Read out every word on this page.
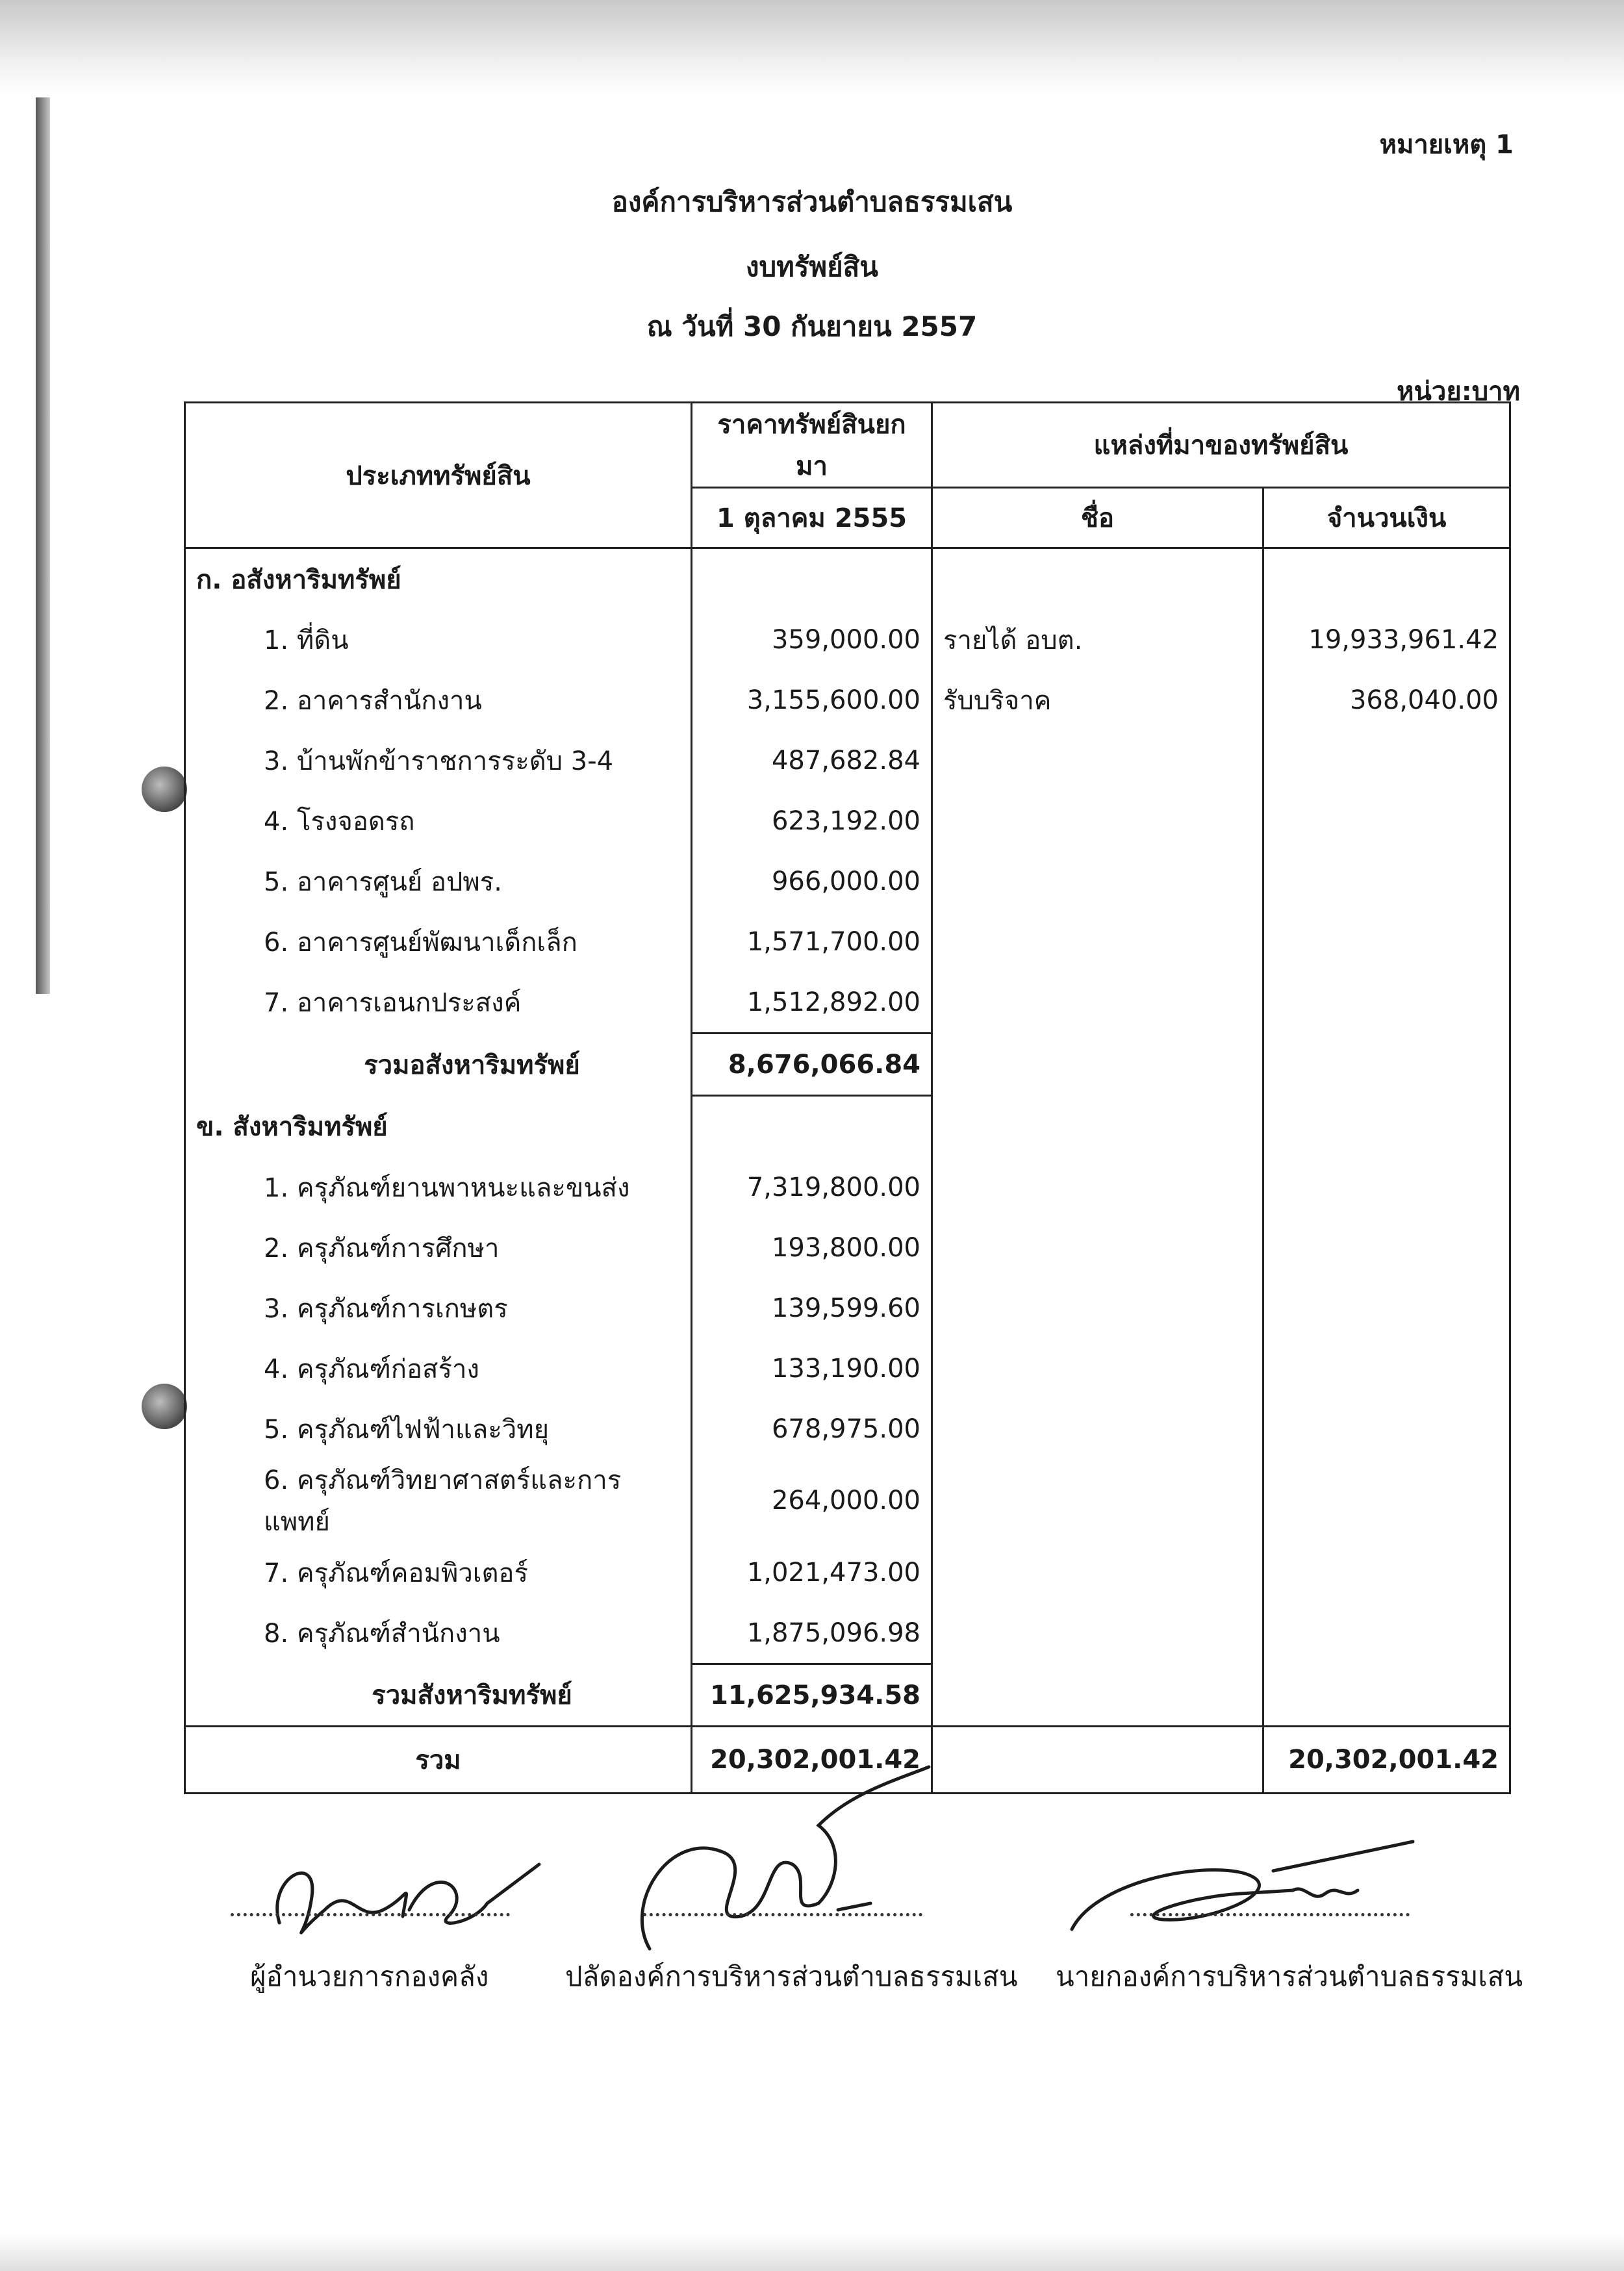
หมายเหตุ 1
องค์การบริหารส่วนตำบลธรรมเสน
งบทรัพย์สิน
ณ วันที่ 30 กันยายน 2557
หน่วย:บาท
ประเภททรัพย์สิน	ราคาทรัพย์สินยกมา	แหล่งที่มาของทรัพย์สิน	
	1 ตุลาคม 2555	ชื่อ	จำนวนเงิน
ก. อสังหาริมทรัพย์			
1. ที่ดิน	359,000.00	รายได้ อบต.	19,933,961.42
2. อาคารสำนักงาน	3,155,600.00	รับบริจาค	368,040.00
3. บ้านพักข้าราชการระดับ 3-4	487,682.84		
4. โรงจอดรถ	623,192.00		
5. อาคารศูนย์ อปพร.	966,000.00		
6. อาคารศูนย์พัฒนาเด็กเล็ก	1,571,700.00		
7. อาคารเอนกประสงค์	1,512,892.00		
รวมอสังหาริมทรัพย์	8,676,066.84		
ข. สังหาริมทรัพย์			
1. ครุภัณฑ์ยานพาหนะและขนส่ง	7,319,800.00		
2. ครุภัณฑ์การศึกษา	193,800.00		
3. ครุภัณฑ์การเกษตร	139,599.60		
4. ครุภัณฑ์ก่อสร้าง	133,190.00		
5. ครุภัณฑ์ไฟฟ้าและวิทยุ	678,975.00		
6. ครุภัณฑ์วิทยาศาสตร์และการแพทย์	264,000.00		
7. ครุภัณฑ์คอมพิวเตอร์	1,021,473.00		
8. ครุภัณฑ์สำนักงาน	1,875,096.98		
รวมสังหาริมทรัพย์	11,625,934.58		
รวม	20,302,001.42		20,302,001.42
ผู้อำนวยการกองคลัง	ปลัดองค์การบริหารส่วนตำบลธรรมเสน นายกองค์การบริหารส่วนตำบลธรรมเสน
